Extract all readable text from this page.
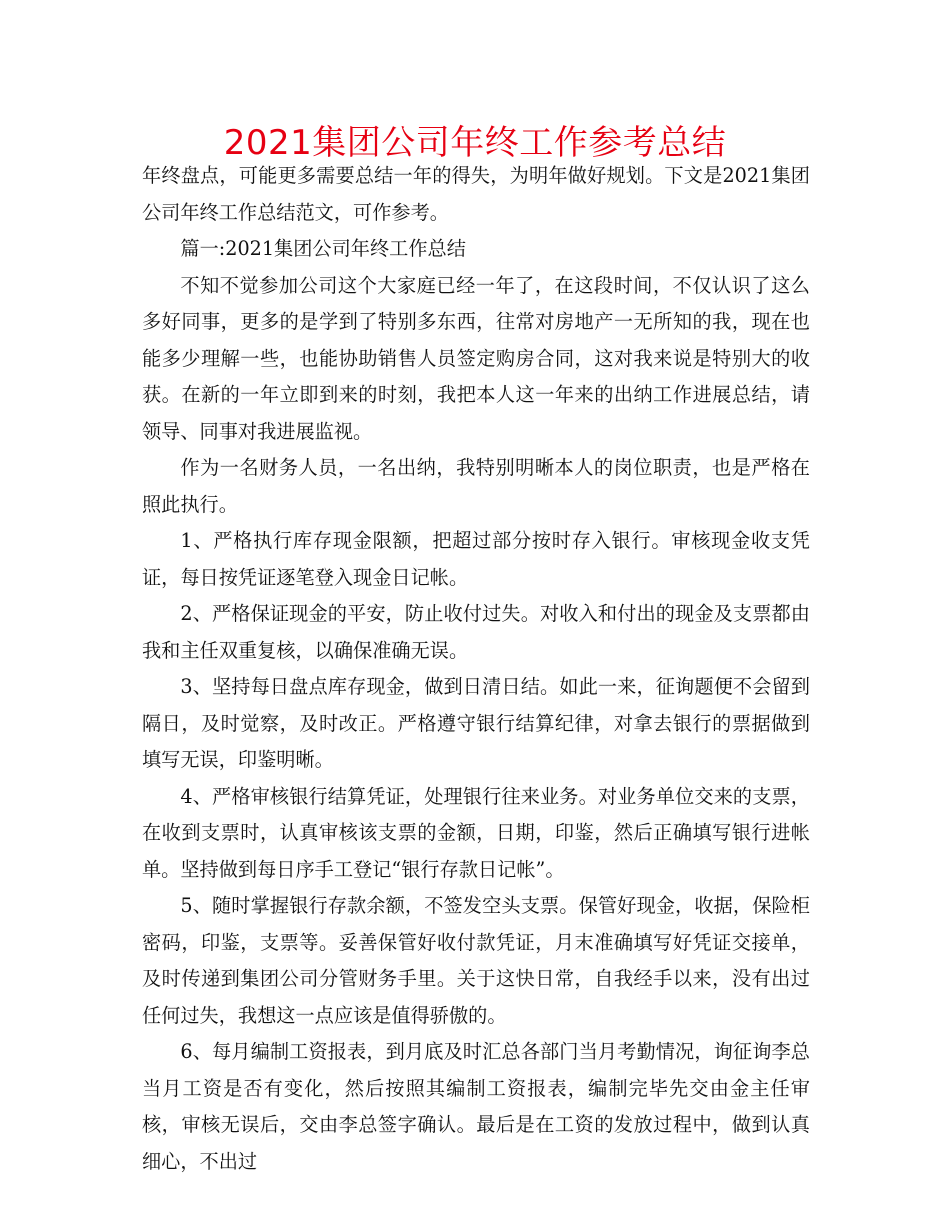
2021集团公司年终工作参考总结

年终盘点，可能更多需要总结一年的得失，为明年做好规划。下文是2021集团公司年终工作总结范文，可作参考。

篇一:2021集团公司年终工作总结

不知不觉参加公司这个大家庭已经一年了，在这段时间，不仅认识了这么多好同事，更多的是学到了特别多东西，往常对房地产一无所知的我，现在也能多少理解一些，也能协助销售人员签定购房合同，这对我来说是特别大的收获。在新的一年立即到来的时刻，我把本人这一年来的出纳工作进展总结，请领导、同事对我进展监视。

作为一名财务人员，一名出纳，我特别明晰本人的岗位职责，也是严格在照此执行。

1、严格执行库存现金限额，把超过部分按时存入银行。审核现金收支凭证，每日按凭证逐笔登入现金日记帐。

2、严格保证现金的平安，防止收付过失。对收入和付出的现金及支票都由我和主任双重复核，以确保准确无误。

3、坚持每日盘点库存现金，做到日清日结。如此一来，征询题便不会留到隔日，及时觉察，及时改正。严格遵守银行结算纪律，对拿去银行的票据做到填写无误，印鉴明晰。

4、严格审核银行结算凭证，处理银行往来业务。对业务单位交来的支票，在收到支票时，认真审核该支票的金额，日期，印鉴，然后正确填写银行进帐单。坚持做到每日序手工登记“银行存款日记帐”。

5、随时掌握银行存款余额，不签发空头支票。保管好现金，收据，保险柜密码，印鉴，支票等。妥善保管好收付款凭证，月末准确填写好凭证交接单，及时传递到集团公司分管财务手里。关于这快日常，自我经手以来，没有出过任何过失，我想这一点应该是值得骄傲的。

6、每月编制工资报表，到月底及时汇总各部门当月考勤情况，询征询李总当月工资是否有变化，然后按照其编制工资报表，编制完毕先交由金主任审核，审核无误后，交由李总签字确认。最后是在工资的发放过程中，做到认真细心，不出过
